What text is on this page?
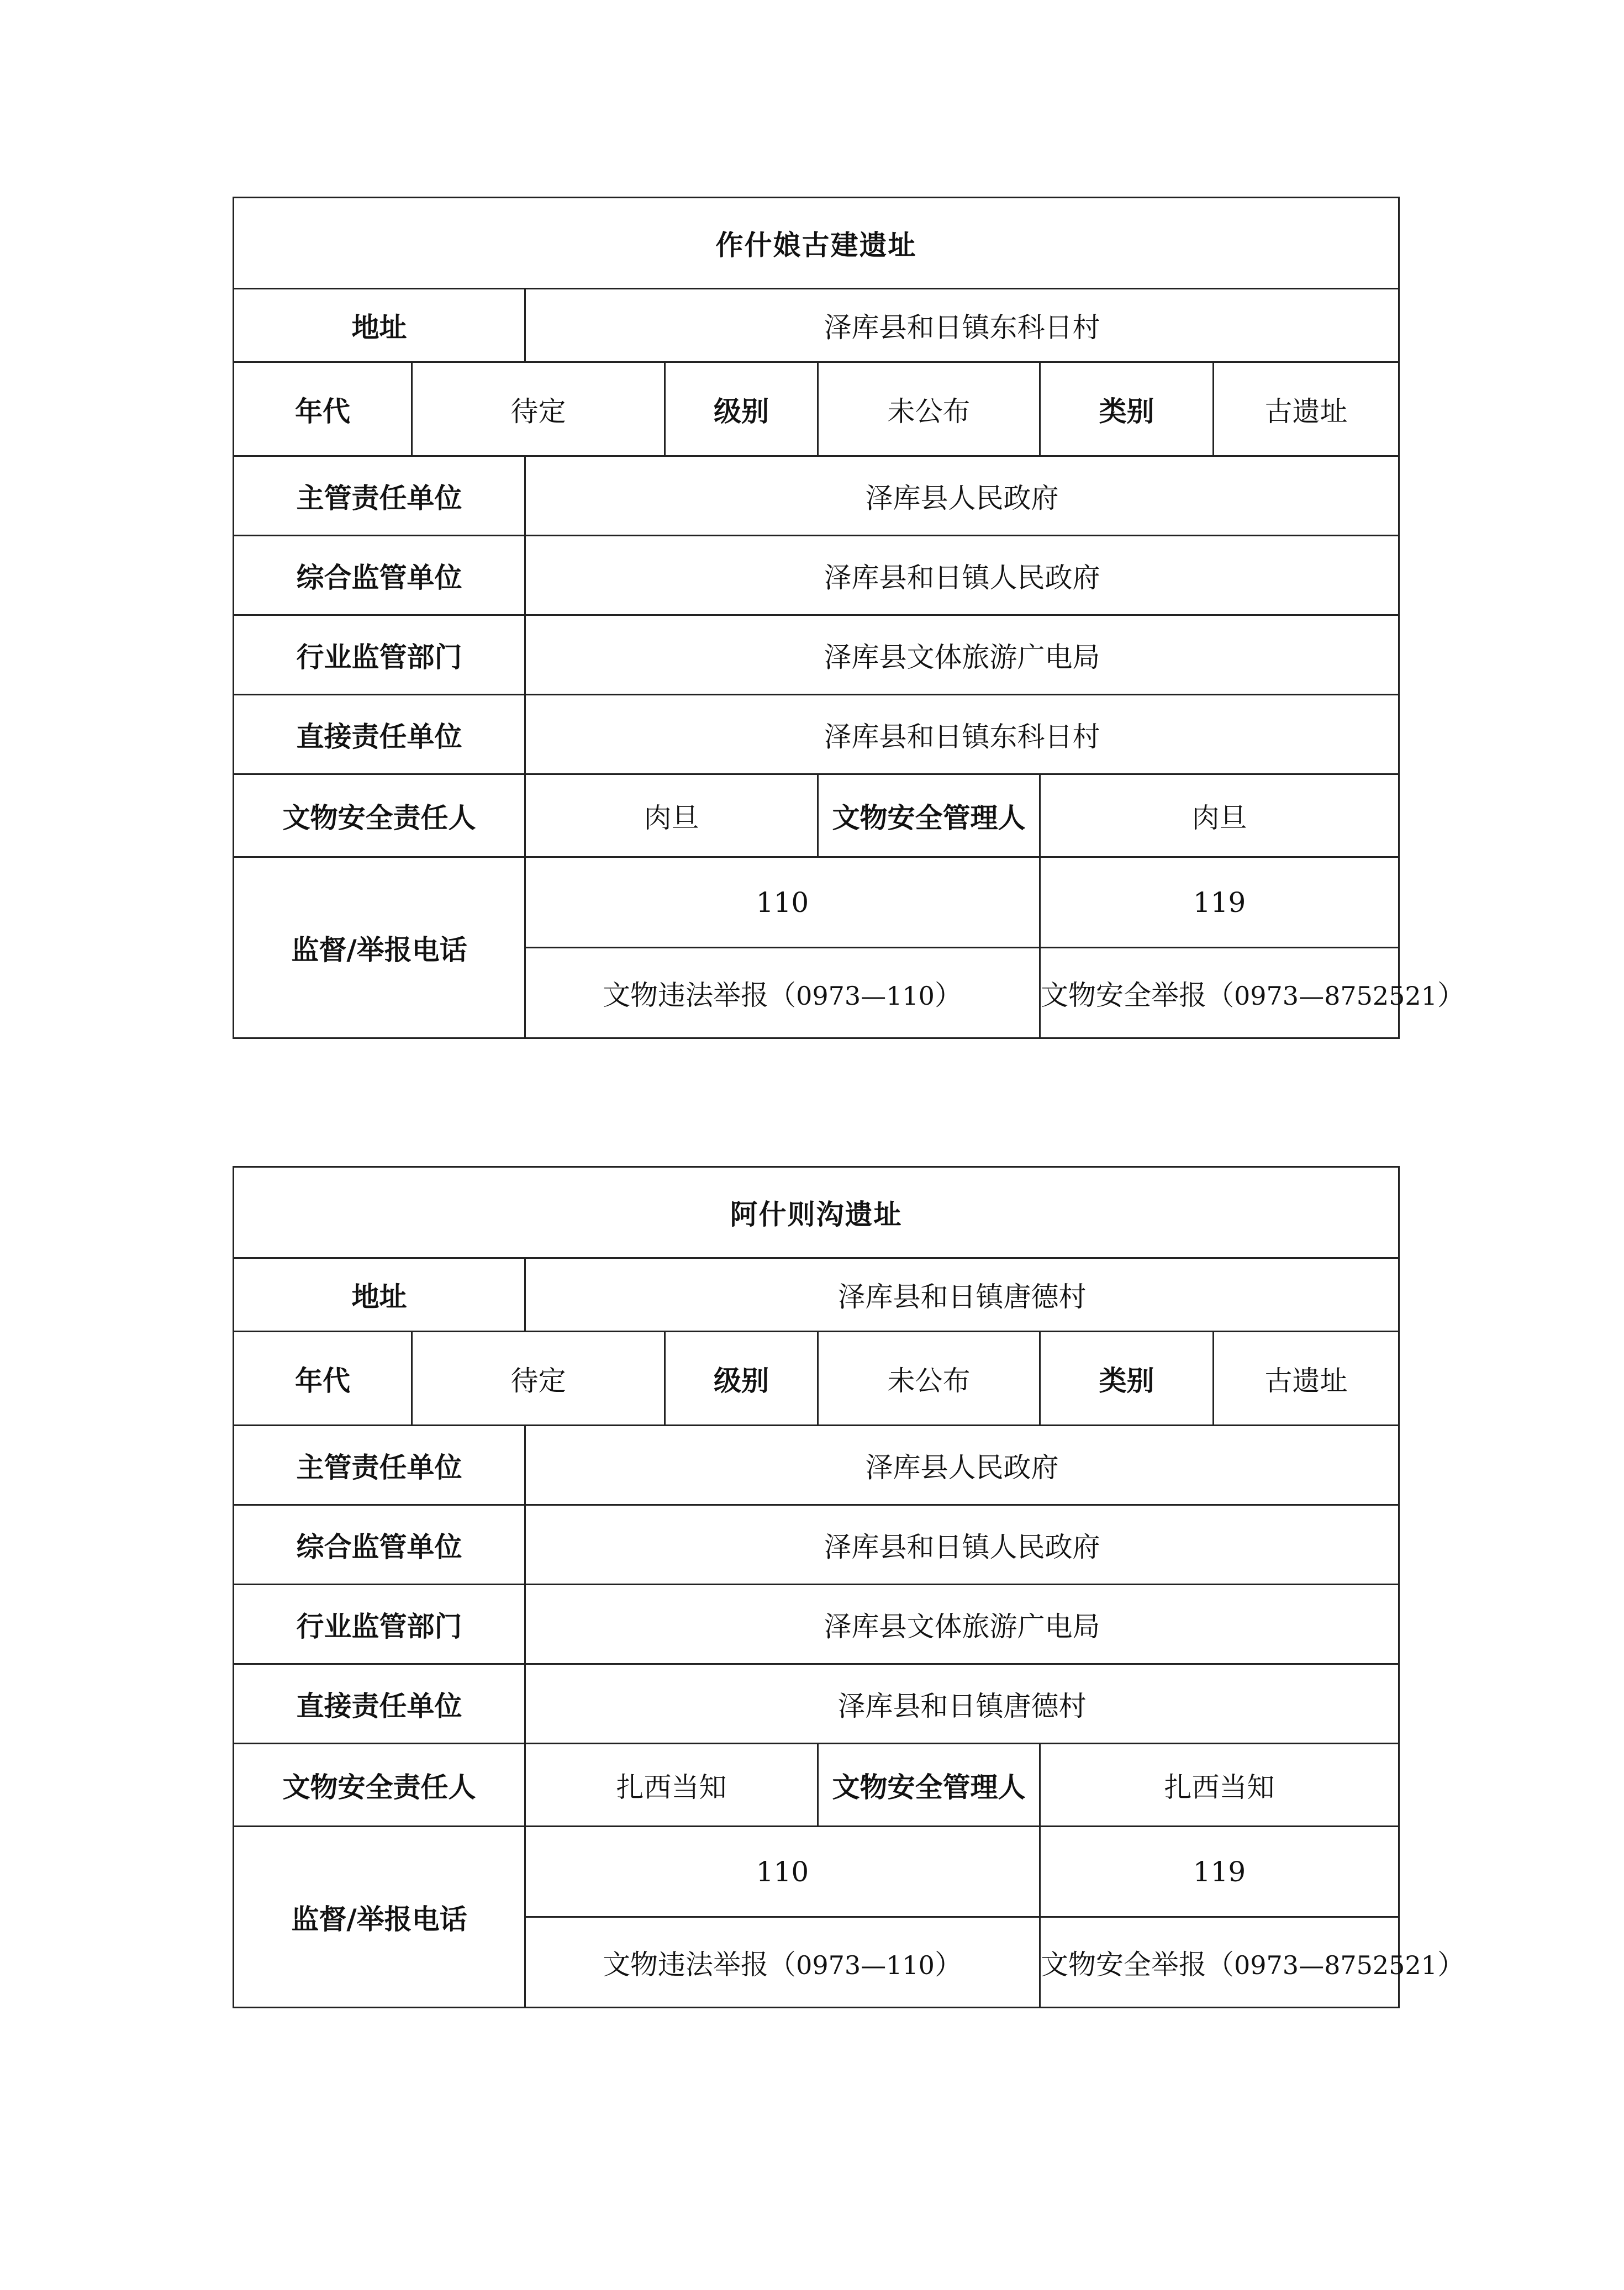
作什娘古建遗址						
地址		泽库县和日镇东科日村				
年代	待定		级别	未公布	类别	古遗址
主管责任单位		泽库县人民政府				
综合监管单位		泽库县和日镇人民政府				
行业监管部门		泽库县文体旅游广电局				
直接责任单位		泽库县和日镇东科日村				
文物安全责任人		肉旦		文物安全管理人	肉旦	
监督/举报电话		110			119	
		文物违法举报（0973—110）			文物安全举报（0973—8752521）	
阿什则沟遗址						
地址		泽库县和日镇唐德村				
年代	待定		级别	未公布	类别	古遗址
主管责任单位		泽库县人民政府				
综合监管单位		泽库县和日镇人民政府				
行业监管部门		泽库县文体旅游广电局				
直接责任单位		泽库县和日镇唐德村				
文物安全责任人		扎西当知		文物安全管理人	扎西当知	
监督/举报电话		110			119	
		文物违法举报（0973—110）			文物安全举报（0973—8752521）	
